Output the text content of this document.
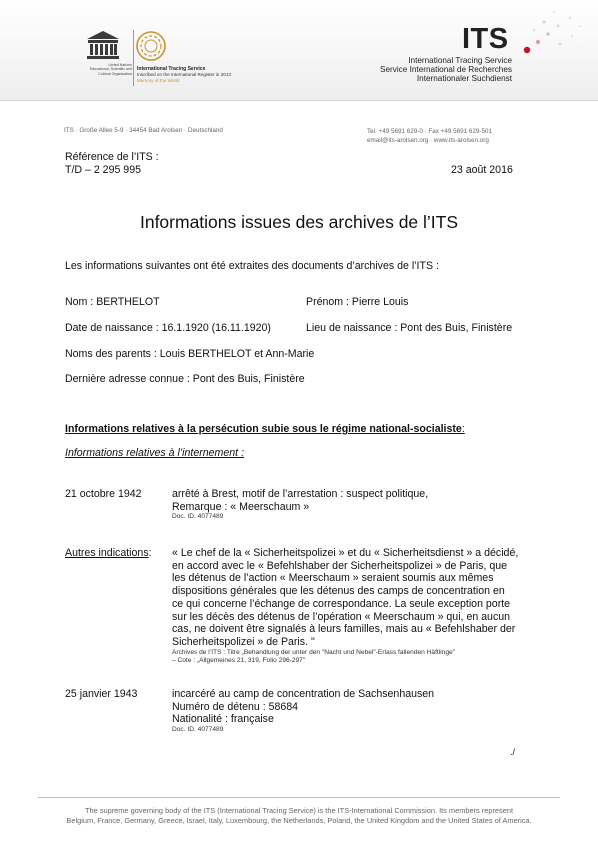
United Nations Educational, Scientific and Cultural Organization
International Tracing Service
Inscribed on the International Register in 2013
Memory of the World
ITS
International Tracing Service
Service International de Recherches
Internationaler Suchdienst
ITS · Große Allee 5-9 · 34454 Bad Arolsen · Deutschland	Tel. +49 5691 629-0 · Fax +49 5691 629-501
email@its-arolsen.org · www.its-arolsen.org
Référence de l’ITS :
T/D – 2 295 995	23 août 2016
Informations issues des archives de l’ITS
Les informations suivantes ont été extraites des documents d’archives de l’ITS :
Nom : BERTHELOT	Prénom : Pierre Louis
Date de naissance : 16.1.1920 (16.11.1920)	Lieu de naissance : Pont des Buis, Finistère
Noms des parents : Louis BERTHELOT et Ann-Marie
Dernière adresse connue : Pont des Buis, Finistère
Informations relatives à la persécution subie sous le régime national-socialiste:
Informations relatives à l’internement :
21 octobre 1942	arrêté à Brest, motif de l’arrestation : suspect politique,
Remarque : « Meerschaum »
Doc. ID. 4077489
Autres indications: « Le chef de la « Sicherheitspolizei » et du « Sicherheitsdienst » a décidé,
en accord avec le « Befehlshaber der Sicherheitspolizei » de Paris, que
les détenus de l’action « Meerschaum » seraient soumis aux mêmes
dispositions générales que les détenus des camps de concentration en
ce qui concerne l’échange de correspondance. La seule exception porte
sur les décès des détenus de l’opération « Meerschaum » qui, en aucun
cas, ne doivent être signalés à leurs familles, mais au « Befehlshaber der
Sicherheitspolizei » de Paris. "
Archives de l’ITS : Titre „Behandlung der unter den "Nacht und Nebel"-Erlass fallenden Häftlinge"
– Cote : „Allgemeines 21, 319, Folio 296-297"
25 janvier 1943	incarcéré au camp de concentration de Sachsenhausen
Numéro de détenu : 58684
Nationalité : française
Doc. ID. 4077489
./
The supreme governing body of the ITS (International Tracing Service) is the ITS-International Commission. Its members represent
Belgium, France, Germany, Greece, Israel, Italy, Luxembourg, the Netherlands, Poland, the United Kingdom and the United States of America.
